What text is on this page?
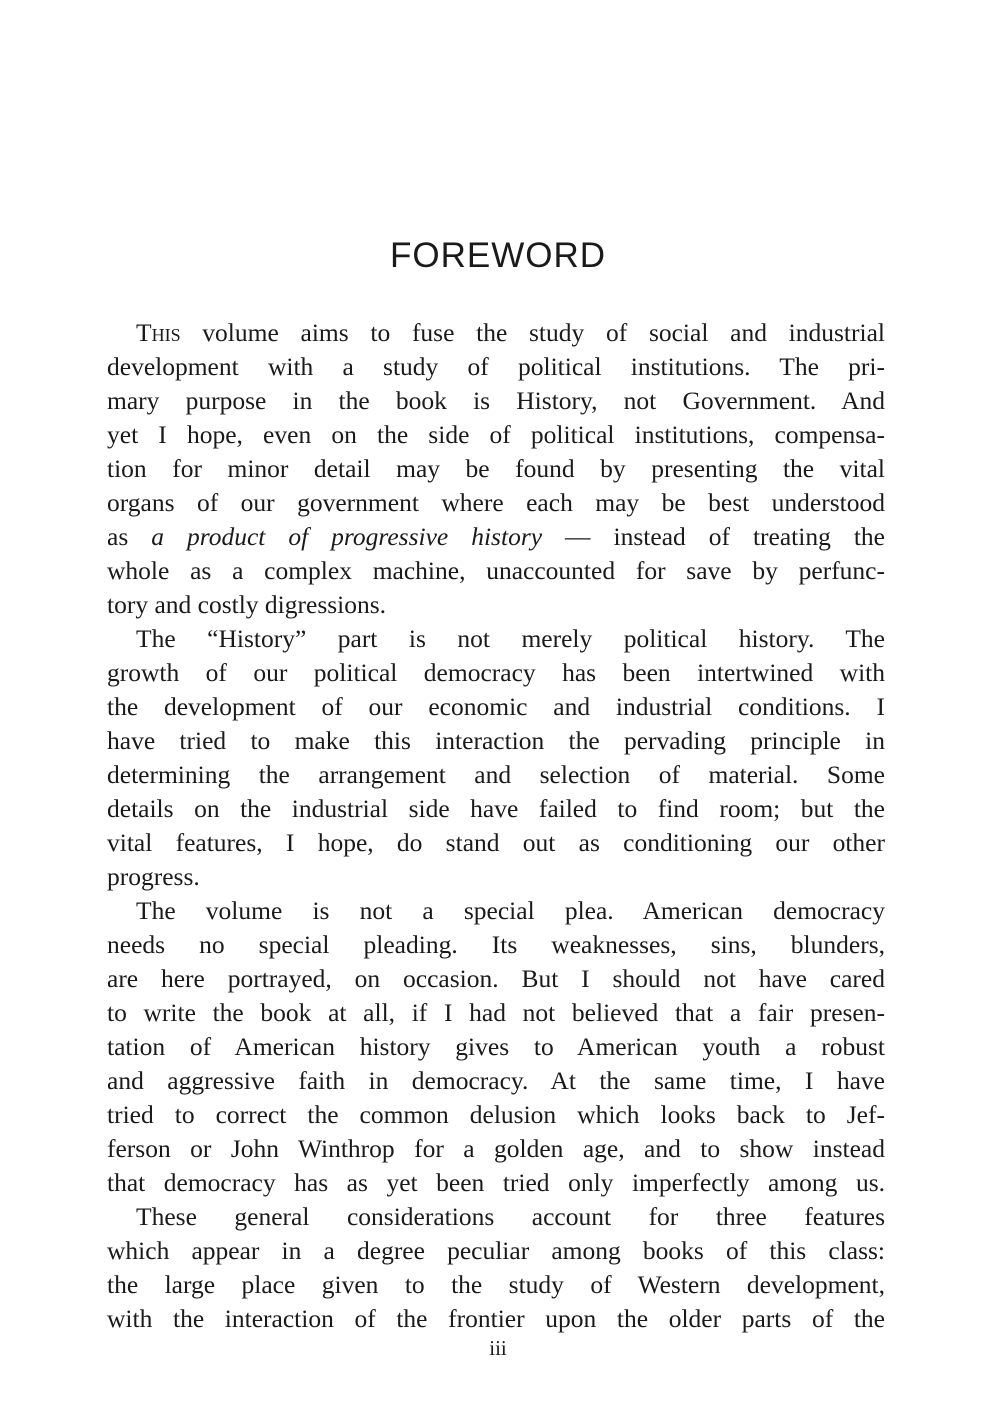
FOREWORD
This volume aims to fuse the study of social and industrial
development with a study of political institutions. The pri-
mary purpose in the book is History, not Government. And
yet I hope, even on the side of political institutions, compensa-
tion for minor detail may be found by presenting the vital
organs of our government where each may be best understood
as a product of progressive history — instead of treating the
whole as a complex machine, unaccounted for save by perfunc-
tory and costly digressions.
The “History” part is not merely political history. The
growth of our political democracy has been intertwined with
the development of our economic and industrial conditions. I
have tried to make this interaction the pervading principle in
determining the arrangement and selection of material. Some
details on the industrial side have failed to find room; but the
vital features, I hope, do stand out as conditioning our other
progress.
The volume is not a special plea. American democracy
needs no special pleading. Its weaknesses, sins, blunders,
are here portrayed, on occasion. But I should not have cared
to write the book at all, if I had not believed that a fair presen-
tation of American history gives to American youth a robust
and aggressive faith in democracy. At the same time, I have
tried to correct the common delusion which looks back to Jef-
ferson or John Winthrop for a golden age, and to show instead
that democracy has as yet been tried only imperfectly among us.
These general considerations account for three features
which appear in a degree peculiar among books of this class:
the large place given to the study of Western development,
with the interaction of the frontier upon the older parts of the
iii
